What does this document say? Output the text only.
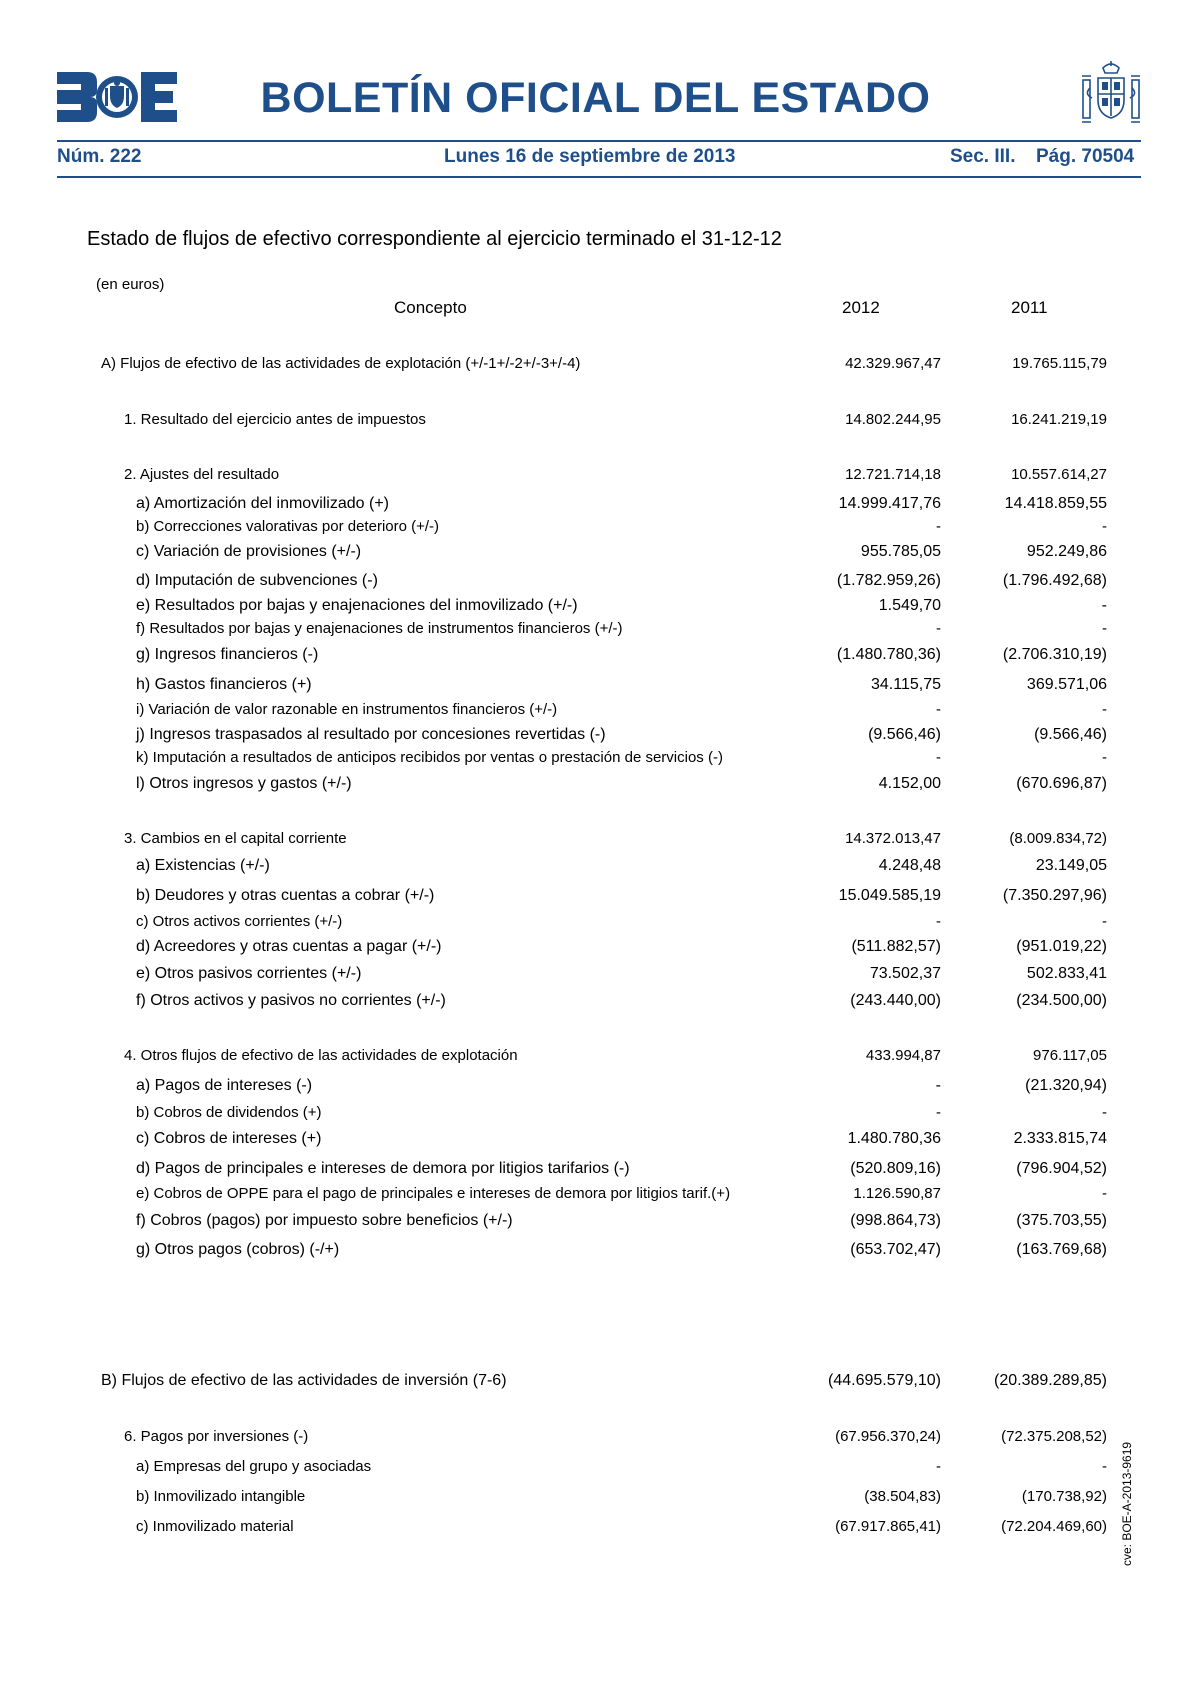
BOLETÍN OFICIAL DEL ESTADO
Núm. 222	Lunes 16 de septiembre de 2013	Sec. III. Pág. 70504
Estado de flujos de efectivo correspondiente al ejercicio terminado el 31-12-12
(en euros)
Concepto	2012	2011
A) Flujos de efectivo de las actividades de explotación (+/-1+/-2+/-3+/-4)	42.329.967,47	19.765.115,79
1. Resultado del ejercicio antes de impuestos	14.802.244,95	16.241.219,19
2. Ajustes del resultado	12.721.714,18	10.557.614,27
a) Amortización del inmovilizado (+)	14.999.417,76	14.418.859,55
b) Correcciones valorativas por deterioro (+/-)	-	-
c) Variación de provisiones (+/-)	955.785,05	952.249,86
d) Imputación de subvenciones (-)	(1.782.959,26)	(1.796.492,68)
e) Resultados por bajas y enajenaciones del inmovilizado (+/-)	1.549,70	-
f) Resultados por bajas y enajenaciones de instrumentos financieros (+/-)	-	-
g) Ingresos financieros (-)	(1.480.780,36)	(2.706.310,19)
h) Gastos financieros (+)	34.115,75	369.571,06
i) Variación de valor razonable en instrumentos financieros (+/-)	-	-
j) Ingresos traspasados al resultado por concesiones revertidas (-)	(9.566,46)	(9.566,46)
k) Imputación a resultados de anticipos recibidos por ventas o prestación de servicios (-)	-	-
l) Otros ingresos y gastos (+/-)	4.152,00	(670.696,87)
3. Cambios en el capital corriente	14.372.013,47	(8.009.834,72)
a) Existencias (+/-)	4.248,48	23.149,05
b) Deudores y otras cuentas a cobrar (+/-)	15.049.585,19	(7.350.297,96)
c) Otros activos corrientes (+/-)	-	-
d) Acreedores y otras cuentas a pagar (+/-)	(511.882,57)	(951.019,22)
e) Otros pasivos corrientes (+/-)	73.502,37	502.833,41
f) Otros activos y pasivos no corrientes (+/-)	(243.440,00)	(234.500,00)
4. Otros flujos de efectivo de las actividades de explotación	433.994,87	976.117,05
a) Pagos de intereses (-)	-	(21.320,94)
b) Cobros de dividendos (+)	-	-
c) Cobros de intereses (+)	1.480.780,36	2.333.815,74
d) Pagos de principales e intereses de demora por litigios tarifarios (-)	(520.809,16)	(796.904,52)
e) Cobros de OPPE para el pago de principales e intereses de demora por litigios tarif.(+)	1.126.590,87	-
f) Cobros (pagos) por impuesto sobre beneficios (+/-)	(998.864,73)	(375.703,55)
g) Otros pagos (cobros) (-/+)	(653.702,47)	(163.769,68)
B) Flujos de efectivo de las actividades de inversión (7-6)	(44.695.579,10)	(20.389.289,85)
6. Pagos por inversiones (-)	(67.956.370,24)	(72.375.208,52)
a) Empresas del grupo y asociadas	-	-
b) Inmovilizado intangible	(38.504,83)	(170.738,92)
c) Inmovilizado material	(67.917.865,41)	(72.204.469,60) cve: BOE-A-2013-9619
